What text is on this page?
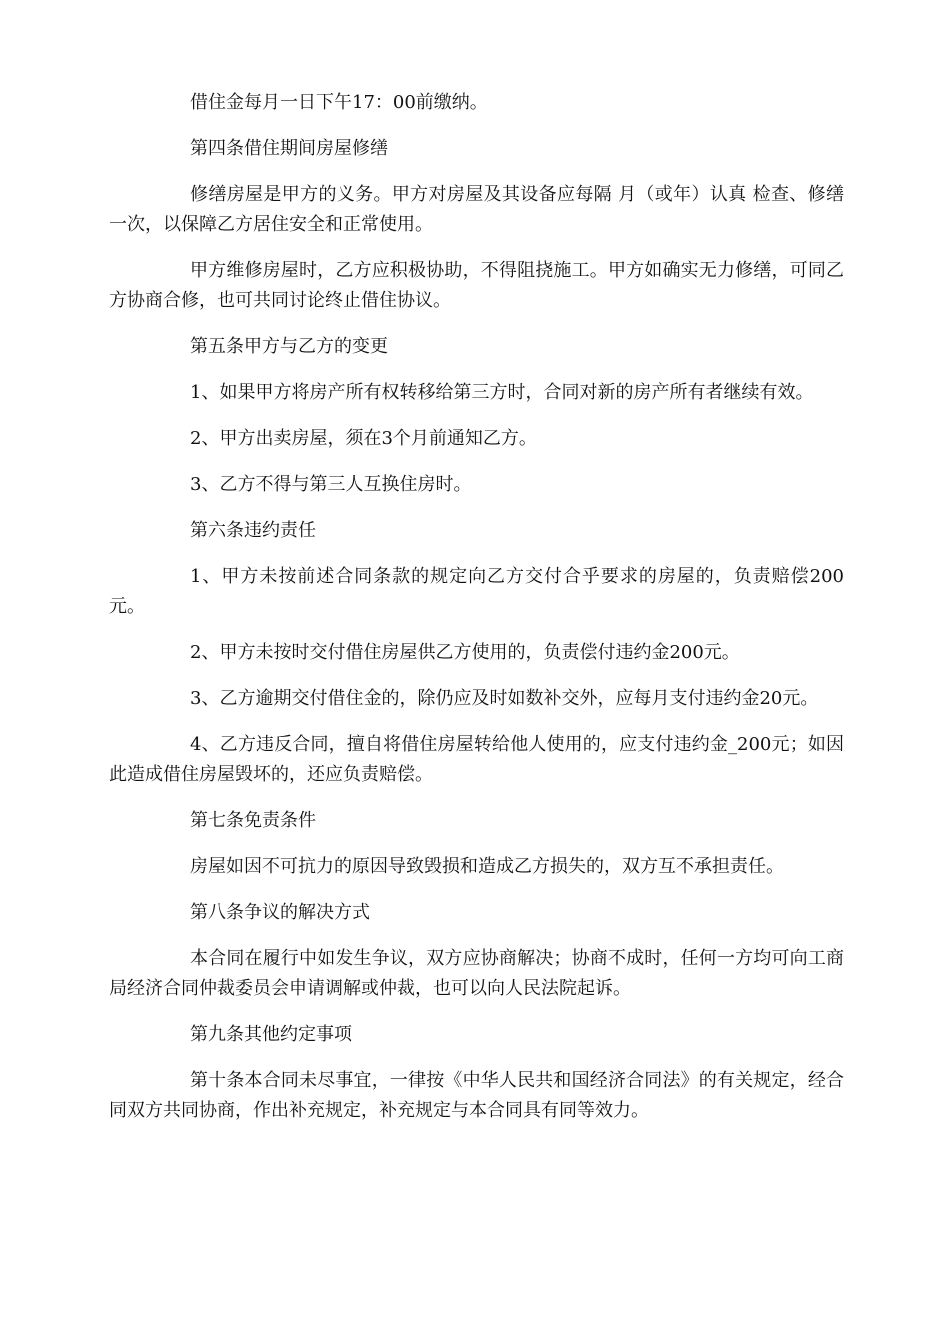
借住金每月一日下午17：00前缴纳。

第四条借住期间房屋修缮

修缮房屋是甲方的义务。甲方对房屋及其设备应每隔 月（或年）认真 检查、修缮一次，以保障乙方居住安全和正常使用。

甲方维修房屋时，乙方应积极协助，不得阻挠施工。甲方如确实无力修缮，可同乙方协商合修，也可共同讨论终止借住协议。

第五条甲方与乙方的变更

1、如果甲方将房产所有权转移给第三方时，合同对新的房产所有者继续有效。

2、甲方出卖房屋，须在3个月前通知乙方。

3、乙方不得与第三人互换住房时。

第六条违约责任

1、甲方未按前述合同条款的规定向乙方交付合乎要求的房屋的，负责赔偿200元。

2、甲方未按时交付借住房屋供乙方使用的，负责偿付违约金200元。

3、乙方逾期交付借住金的，除仍应及时如数补交外，应每月支付违约金20元。

4、乙方违反合同，擅自将借住房屋转给他人使用的，应支付违约金_200元；如因此造成借住房屋毁坏的，还应负责赔偿。

第七条免责条件

房屋如因不可抗力的原因导致毁损和造成乙方损失的，双方互不承担责任。

第八条争议的解决方式

本合同在履行中如发生争议，双方应协商解决；协商不成时，任何一方均可向工商局经济合同仲裁委员会申请调解或仲裁，也可以向人民法院起诉。

第九条其他约定事项

第十条本合同未尽事宜，一律按《中华人民共和国经济合同法》的有关规定，经合同双方共同协商，作出补充规定，补充规定与本合同具有同等效力。
